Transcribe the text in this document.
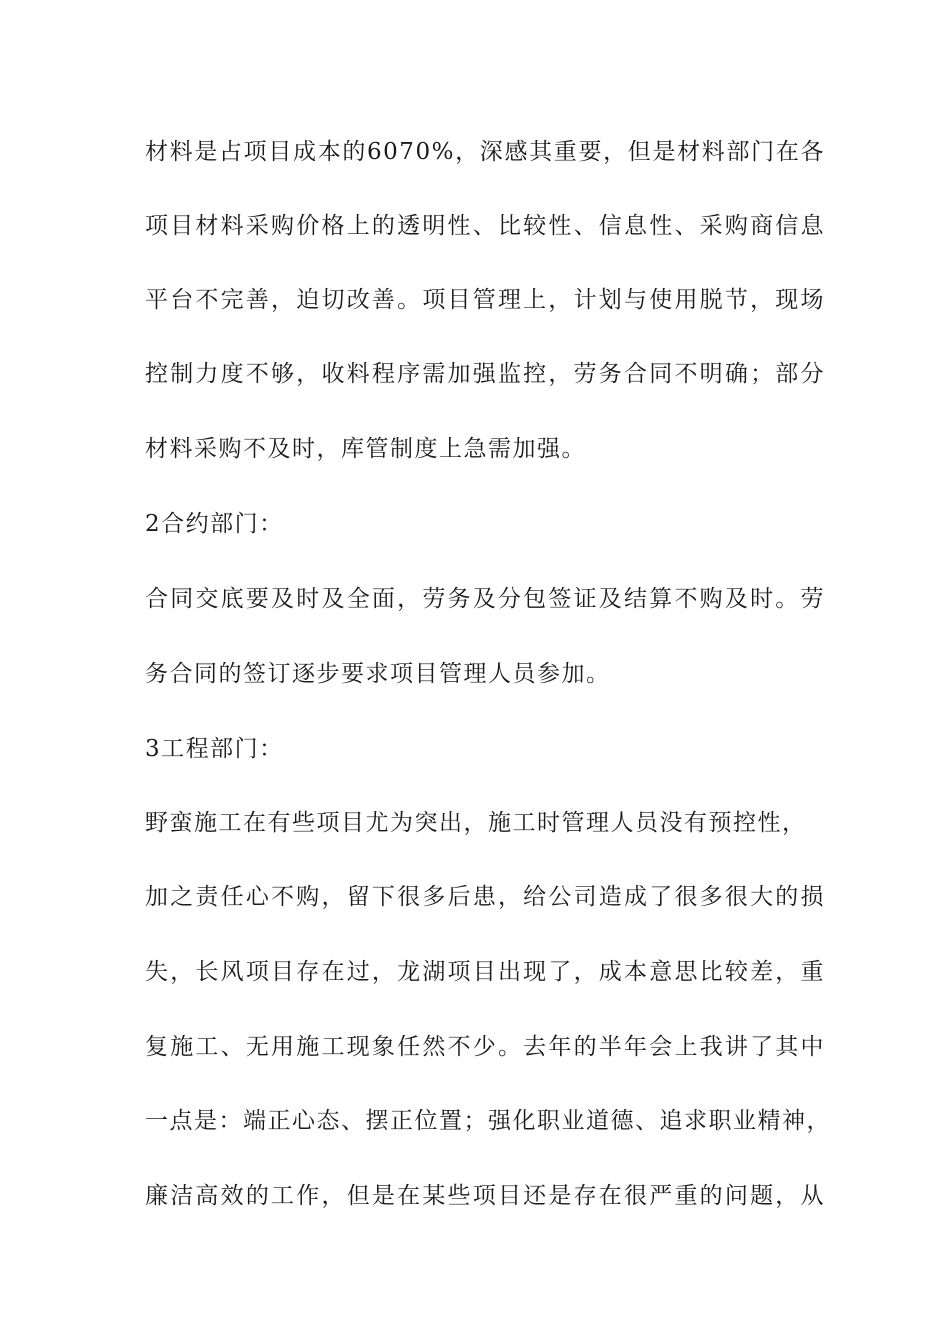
材料是占项目成本的6070%，深感其重要，但是材料部门在各
项目材料采购价格上的透明性、比较性、信息性、采购商信息
平台不完善，迫切改善。项目管理上，计划与使用脱节，现场
控制力度不够，收料程序需加强监控，劳务合同不明确；部分
材料采购不及时，库管制度上急需加强。
2合约部门：
合同交底要及时及全面，劳务及分包签证及结算不购及时。劳
务合同的签订逐步要求项目管理人员参加。
3工程部门：
野蛮施工在有些项目尤为突出，施工时管理人员没有预控性，
加之责任心不购，留下很多后患，给公司造成了很多很大的损
失，长风项目存在过，龙湖项目出现了，成本意思比较差，重
复施工、无用施工现象任然不少。去年的半年会上我讲了其中
一点是：端正心态、摆正位置；强化职业道德、追求职业精神，
廉洁高效的工作，但是在某些项目还是存在很严重的问题，从
